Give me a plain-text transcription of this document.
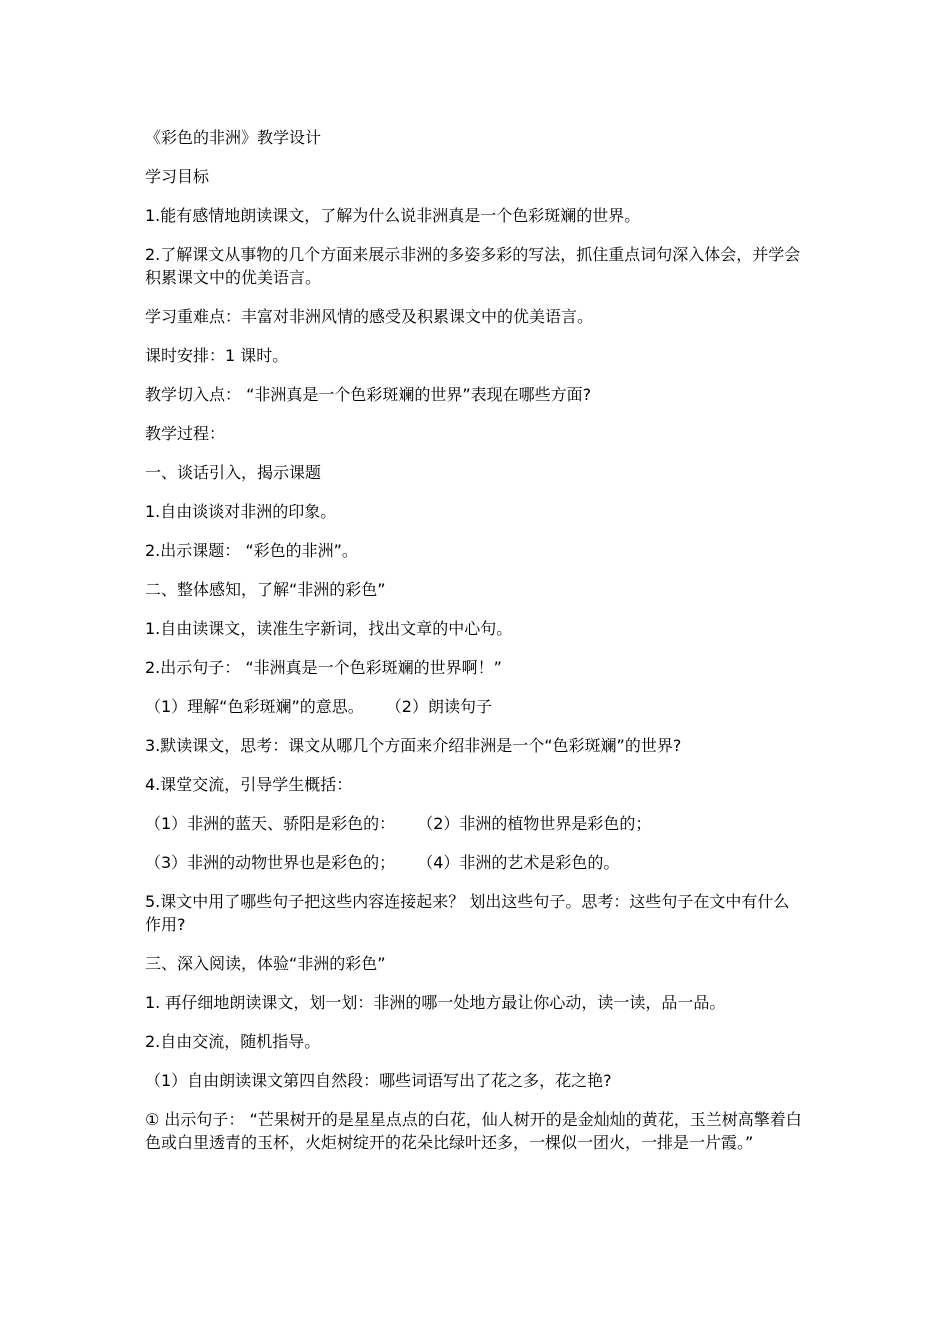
《彩色的非洲》教学设计

学习目标

1.能有感情地朗读课文，了解为什么说非洲真是一个色彩斑斓的世界。

2.了解课文从事物的几个方面来展示非洲的多姿多彩的写法，抓住重点词句深入体会，并学会积累课文中的优美语言。

学习重难点：丰富对非洲风情的感受及积累课文中的优美语言。

课时安排：1 课时。

教学切入点： “非洲真是一个色彩斑斓的世界”表现在哪些方面?

教学过程：

一、谈话引入，揭示课题

1.自由谈谈对非洲的印象。

2.出示课题： “彩色的非洲”。

二、整体感知，了解“非洲的彩色”

1.自由读课文，读准生字新词，找出文章的中心句。

2.出示句子： “非洲真是一个色彩斑斓的世界啊！”

（1）理解“色彩斑斓”的意思。 （2）朗读句子

3.默读课文，思考：课文从哪几个方面来介绍非洲是一个“色彩斑斓”的世界?

4.课堂交流，引导学生概括：

（1）非洲的蓝天、骄阳是彩色的： （2）非洲的植物世界是彩色的；

（3）非洲的动物世界也是彩色的； （4）非洲的艺术是彩色的。

5.课文中用了哪些句子把这些内容连接起来？ 划出这些句子。思考：这些句子在文中有什么作用?

三、深入阅读，体验“非洲的彩色”

1. 再仔细地朗读课文，划一划：非洲的哪一处地方最让你心动，读一读，品一品。

2.自由交流，随机指导。

（1）自由朗读课文第四自然段：哪些词语写出了花之多，花之艳?

① 出示句子： “芒果树开的是星星点点的白花，仙人树开的是金灿灿的黄花，玉兰树高擎着白色或白里透青的玉杯，火炬树绽开的花朵比绿叶还多，一棵似一团火，一排是一片霞。”
